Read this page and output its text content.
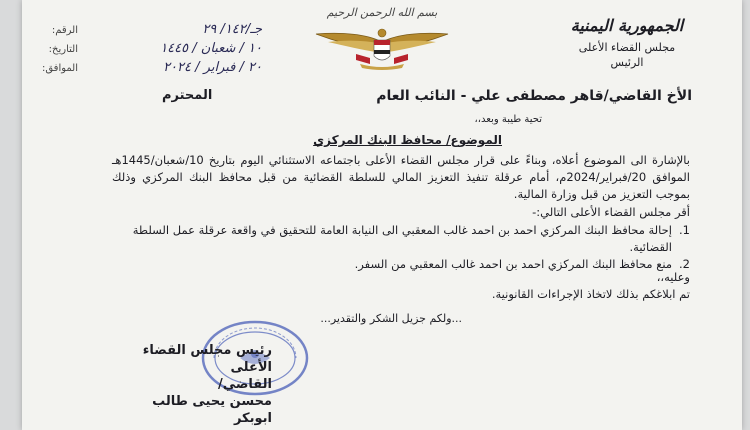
الجمهورية اليمنية
مجلس القضاء الأعلى
الرئيس
بسم الله الرحمن الرحيم
الرقم:	جـ/١٤٢/ ٢٩
التاريخ:	١٠ / شعبان / ١٤٤٥
الموافق:	٢٠ / فبراير / ٢٠٢٤
الأخ القاضي/قاهر مصطفى علي - النائب العام
المحترم
تحية طيبة وبعد،،
الموضوع/ محافظ البنك المركزي

بالإشارة الى الموضوع أعلاه، وبناءً على قرار مجلس القضاء الأعلى باجتماعه الاستثنائي اليوم بتاريخ 10/شعبان/1445هـ الموافق 20/فبراير/2024م، أمام عرقلة تنفيذ التعزيز المالي للسلطة القضائية من قبل محافظ البنك المركزي وذلك بموجب التعزيز من قبل وزارة المالية.

أقر مجلس القضاء الأعلى التالي:-
1.
إحالة محافظ البنك المركزي احمد بن احمد غالب المعقبي الى النيابة العامة للتحقيق في واقعة عرقلة عمل السلطة القضائية.
2.
منع محافظ البنك المركزي احمد بن احمد غالب المعقبي من السفر.
وعليه،،
تم ابلاغكم بذلك لاتخاذ الإجراءات القانونية.
...ولكم جزيل الشكر والتقدير...
رئيس مجلس القضاء الأعلى
القاضي/
محسن يحيى طالب ابوبكر
